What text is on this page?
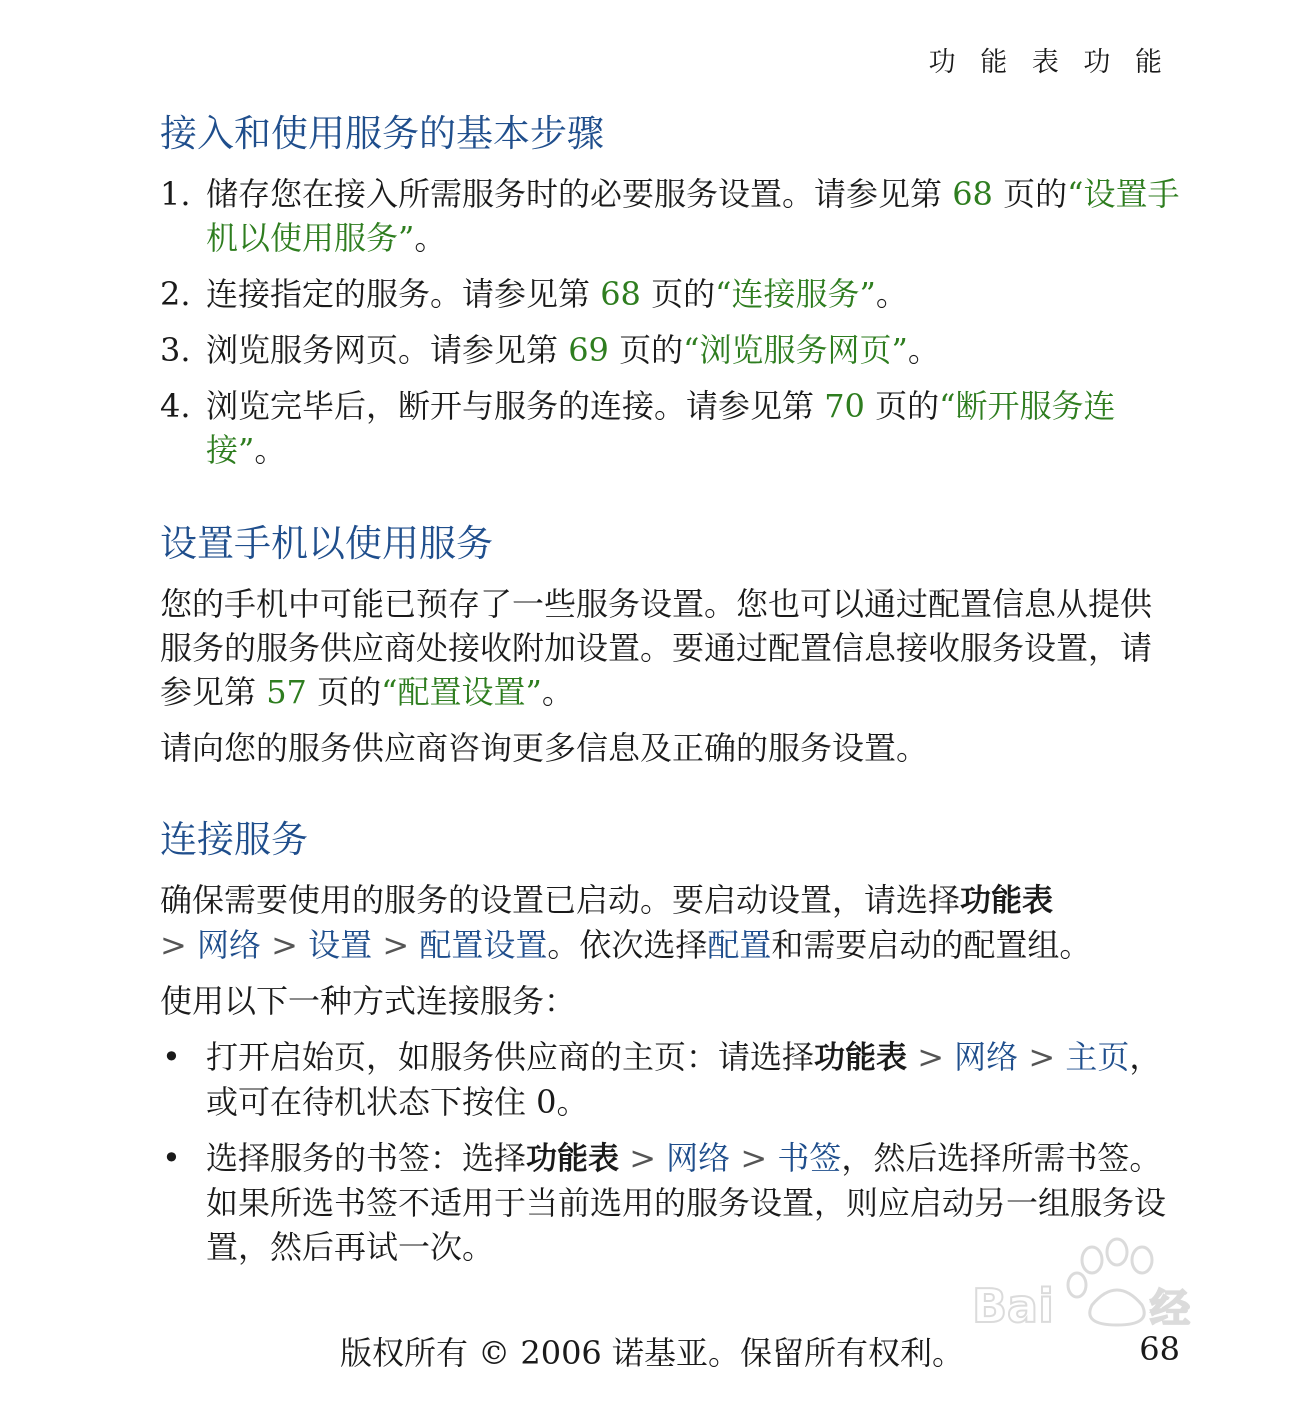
功 能 表 功 能
接入和使用服务的基本步骤
1. 储存您在接入所需服务时的必要服务设置。请参见第 68 页的“设置手机以使用服务”。
2. 连接指定的服务。请参见第 68 页的“连接服务”。
3. 浏览服务网页。请参见第 69 页的“浏览服务网页”。
4. 浏览完毕后，断开与服务的连接。请参见第 70 页的“断开服务连接”。
设置手机以使用服务

您的手机中可能已预存了一些服务设置。您也可以通过配置信息从提供服务的服务供应商处接收附加设置。要通过配置信息接收服务设置，请参见第 57 页的“配置设置”。

请向您的服务供应商咨询更多信息及正确的服务设置。

连接服务

确保需要使用的服务的设置已启动。要启动设置，请选择功能表
> 网络 > 设置 > 配置设置。依次选择配置和需要启动的配置组。

使用以下一种方式连接服务：

• 打开启始页，如服务供应商的主页：请选择功能表 > 网络 > 主页，或可在待机状态下按住 0。
• 选择服务的书签：选择功能表 > 网络 > 书签，然后选择所需书签。如果所选书签不适用于当前选用的服务设置，则应启动另一组服务设置，然后再试一次。
Bai 经
版权所有 © 2006 诺基亚。保留所有权利。	68
